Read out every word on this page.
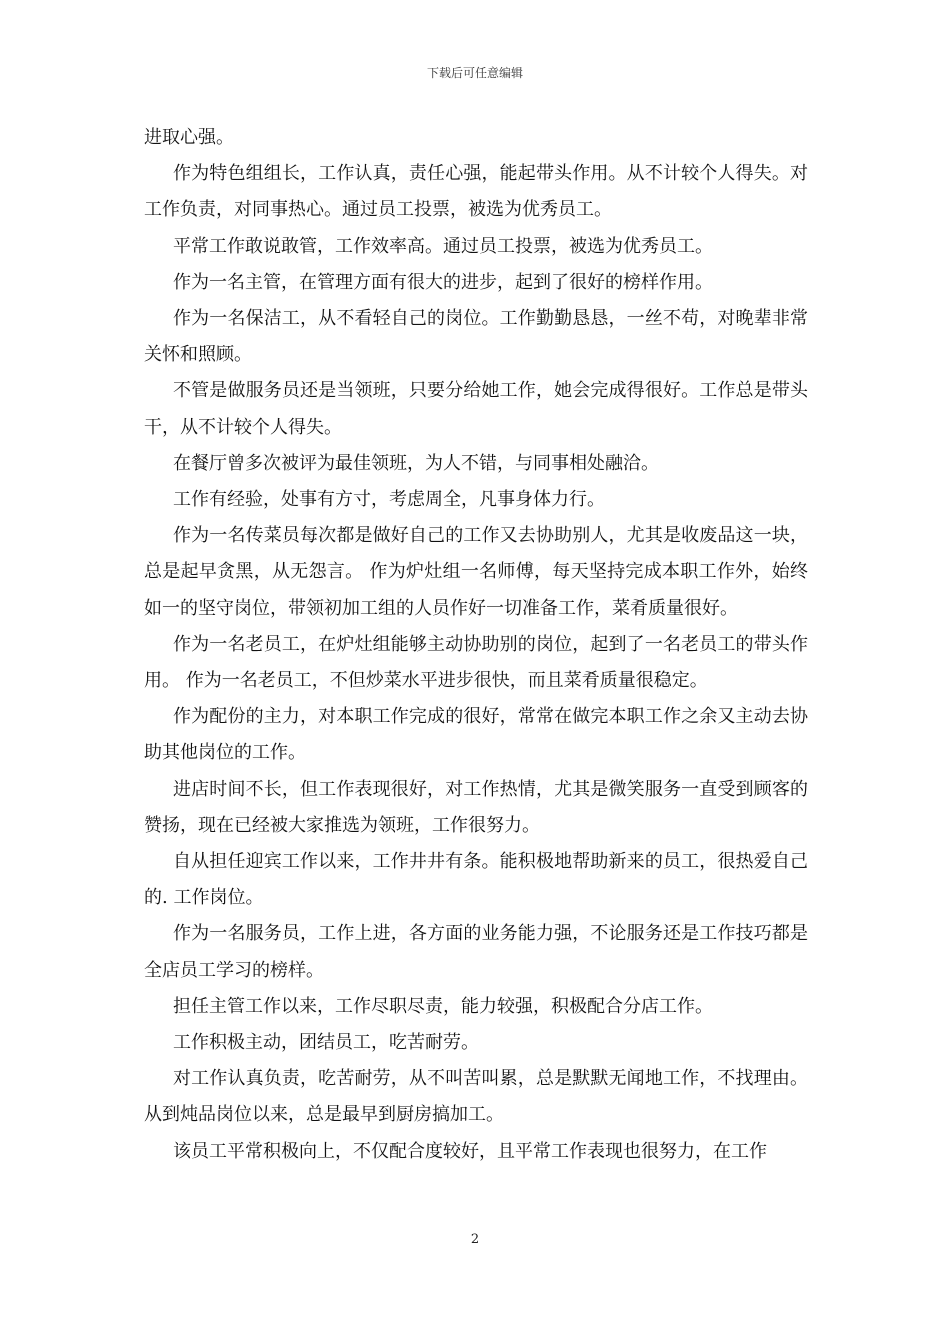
下载后可任意编辑

进取心强。

作为特色组组长，工作认真，责任心强，能起带头作用。从不计较个人得失。对工作负责，对同事热心。通过员工投票，被选为优秀员工。

平常工作敢说敢管，工作效率高。通过员工投票，被选为优秀员工。

作为一名主管，在管理方面有很大的进步，起到了很好的榜样作用。

作为一名保洁工，从不看轻自己的岗位。工作勤勤恳恳，一丝不苟，对晚辈非常关怀和照顾。

不管是做服务员还是当领班，只要分给她工作，她会完成得很好。工作总是带头干，从不计较个人得失。

在餐厅曾多次被评为最佳领班，为人不错，与同事相处融洽。

工作有经验，处事有方寸，考虑周全，凡事身体力行。

作为一名传菜员每次都是做好自己的工作又去协助别人，尤其是收废品这一块，总是起早贪黑，从无怨言。 作为炉灶组一名师傅，每天坚持完成本职工作外，始终如一的坚守岗位，带领初加工组的人员作好一切准备工作，菜肴质量很好。

作为一名老员工，在炉灶组能够主动协助别的岗位，起到了一名老员工的带头作用。 作为一名老员工，不但炒菜水平进步很快，而且菜肴质量很稳定。

作为配份的主力，对本职工作完成的很好，常常在做完本职工作之余又主动去协助其他岗位的工作。

进店时间不长，但工作表现很好，对工作热情，尤其是微笑服务一直受到顾客的赞扬，现在已经被大家推选为领班，工作很努力。

自从担任迎宾工作以来，工作井井有条。能积极地帮助新来的员工，很热爱自己的. 工作岗位。

作为一名服务员，工作上进，各方面的业务能力强，不论服务还是工作技巧都是全店员工学习的榜样。

担任主管工作以来，工作尽职尽责，能力较强，积极配合分店工作。

工作积极主动，团结员工，吃苦耐劳。

对工作认真负责，吃苦耐劳，从不叫苦叫累，总是默默无闻地工作，不找理由。从到炖品岗位以来，总是最早到厨房搞加工。

该员工平常积极向上，不仅配合度较好，且平常工作表现也很努力，在工作

2
